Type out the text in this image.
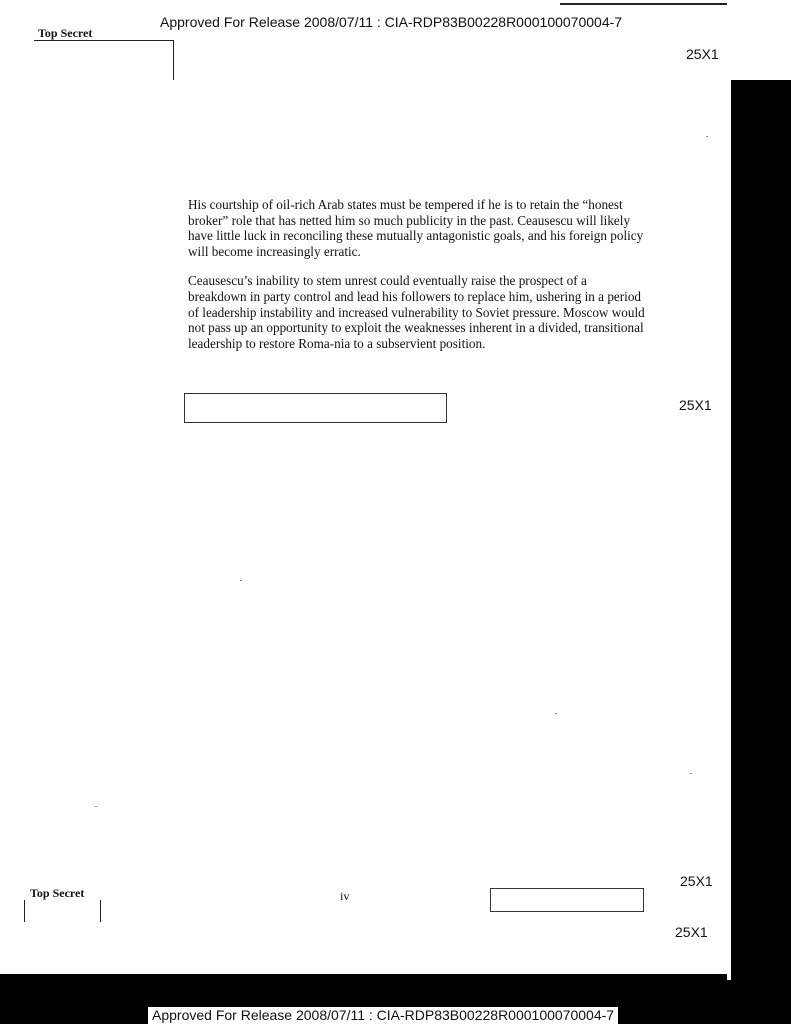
Approved For Release 2008/07/11 : CIA-RDP83B00228R000100070004-7
Top Secret
25X1

His courtship of oil-rich Arab states must be tempered if he is to retain the “honest broker” role that has netted him so much publicity in the past. Ceausescu will likely have little luck in reconciling these mutually antagonistic goals, and his foreign policy will become increasingly erratic.

Ceausescu’s inability to stem unrest could eventually raise the prospect of a breakdown in party control and lead his followers to replace him, ushering in a period of leadership instability and increased vulnerability to Soviet pressure. Moscow would not pass up an opportunity to exploit the weaknesses inherent in a divided, transitional leadership to restore Roma-nia to a subservient position.

25X1
25X1
Top Secret	iv
25X1
Approved For Release 2008/07/11 : CIA-RDP83B00228R000100070004-7
